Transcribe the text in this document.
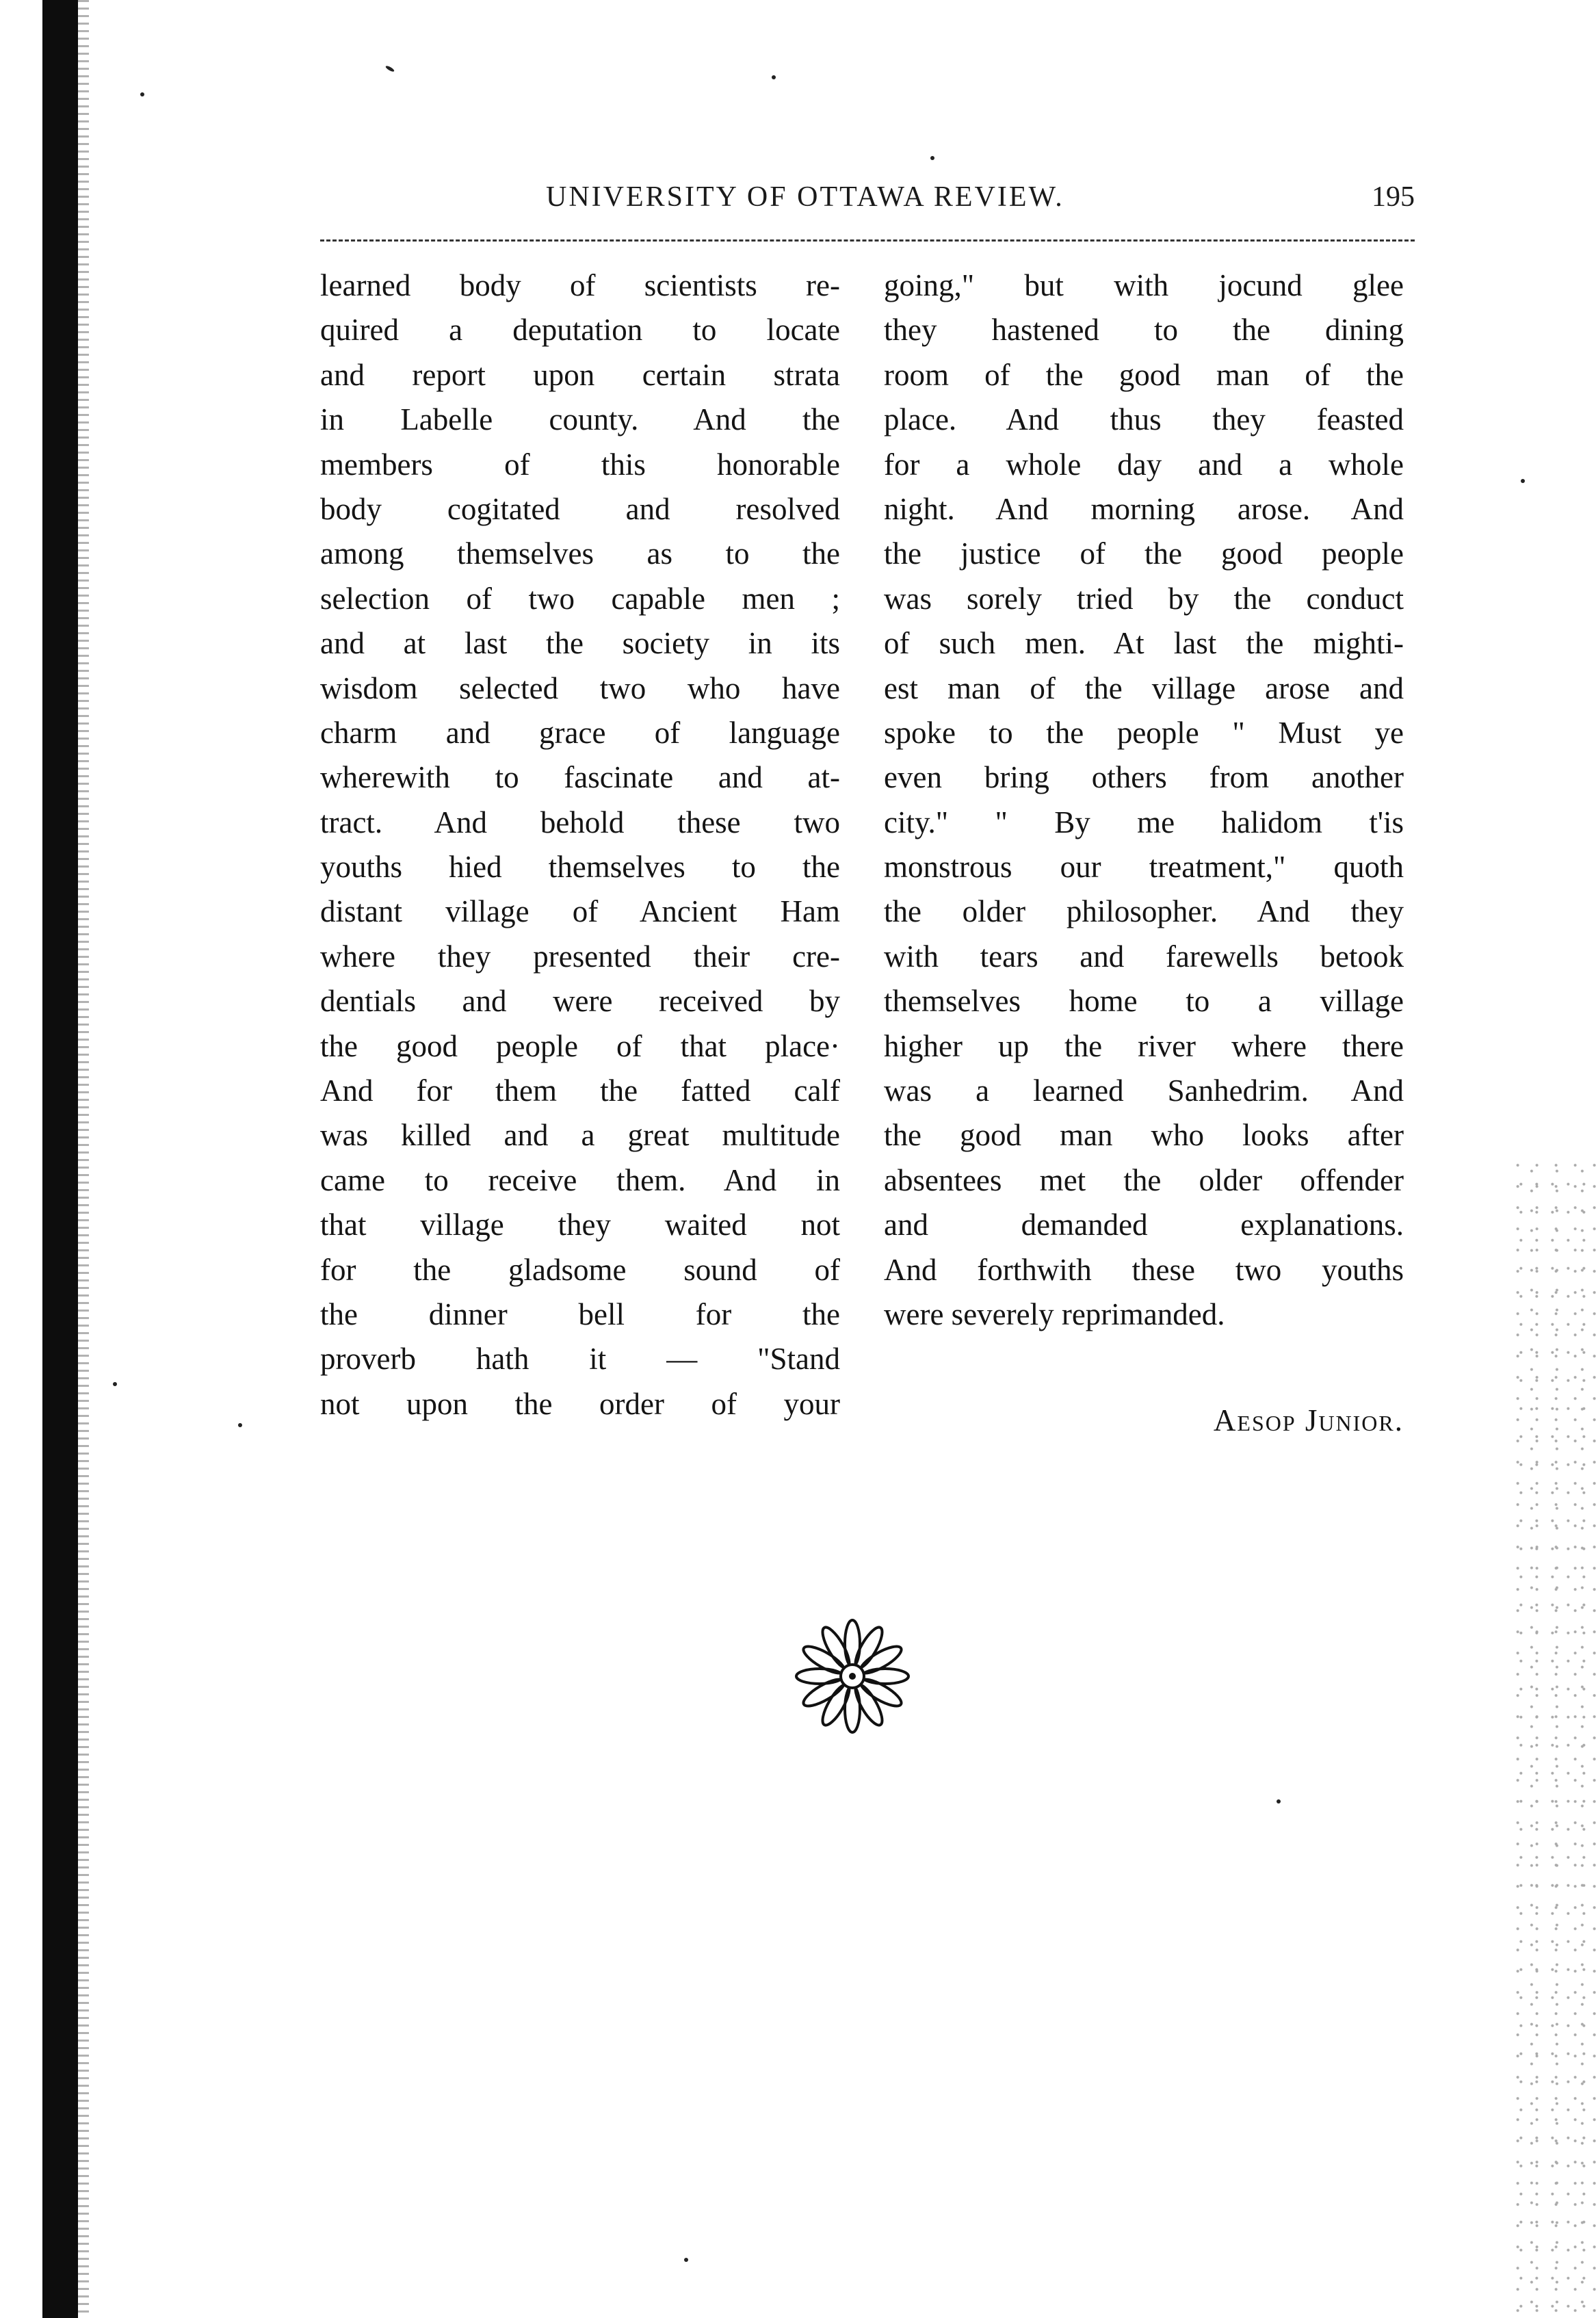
UNIVERSITY OF OTTAWA REVIEW.	195
learned body of scientists re-
quired a deputation to locate
and report upon certain strata
in Labelle county. And the
members of this honorable
body cogitated and resolved
among themselves as to the
selection of two capable men ;
and at last the society in its
wisdom selected two who have
charm and grace of language
wherewith to fascinate and at-
tract. And behold these two
youths hied themselves to the
distant village of Ancient Ham
where they presented their cre-
dentials and were received by
the good people of that place·
And for them the fatted calf
was killed and a great multitude
came to receive them. And in
that village they waited not
for the gladsome sound of
the dinner bell for the
proverb hath it — "Stand
not upon the order of your
going," but with jocund glee
they hastened to the dining
room of the good man of the
place. And thus they feasted
for a whole day and a whole
night. And morning arose. And
the justice of the good people
was sorely tried by the conduct
of such men. At last the mighti-
est man of the village arose and
spoke to the people " Must ye
even bring others from another
city." " By me halidom t'is
monstrous our treatment," quoth
the older philosopher. And they
with tears and farewells betook
themselves home to a village
higher up the river where there
was a learned Sanhedrim. And
the good man who looks after
absentees met the older offender
and demanded explanations.
And forthwith these two youths
were severely reprimanded.
Aesop Junior.
